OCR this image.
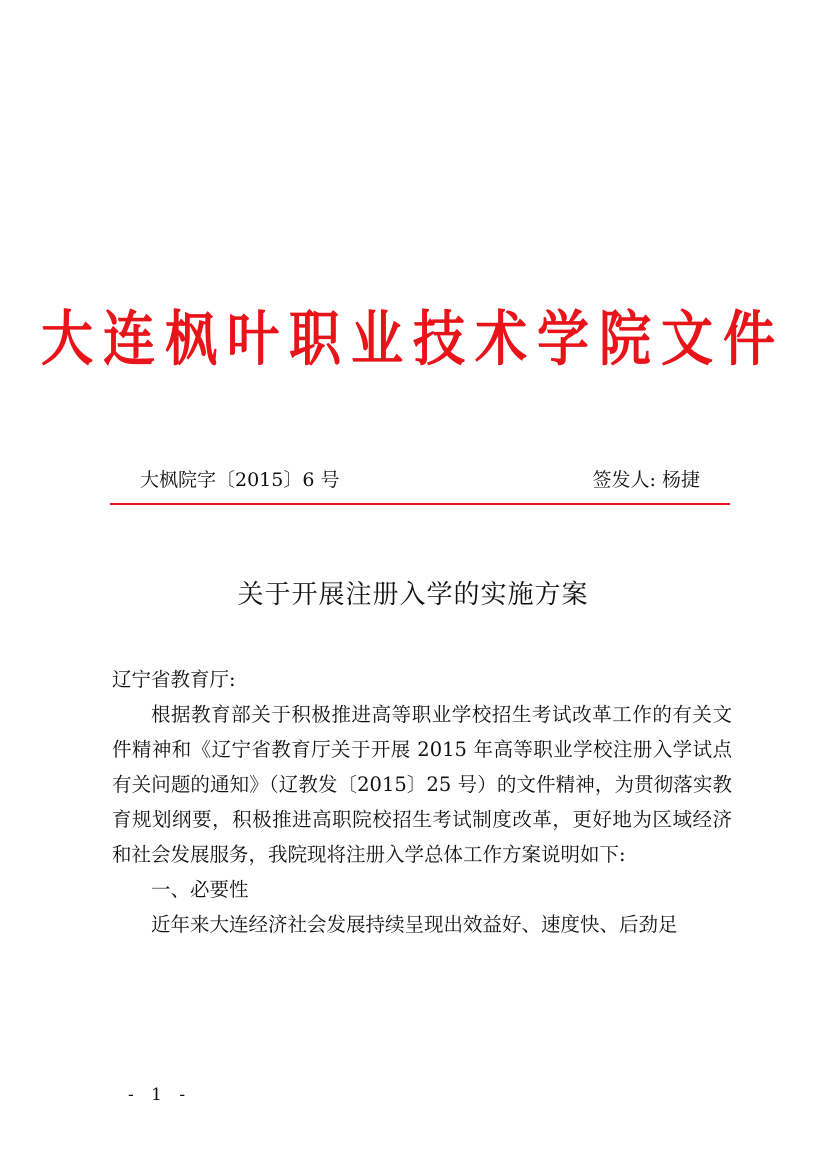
大连枫叶职业技术学院文件
大枫院字〔2015〕6 号	签发人: 杨捷
关于开展注册入学的实施方案

辽宁省教育厅:

根据教育部关于积极推进高等职业学校招生考试改革工作的有关文件精神和《辽宁省教育厅关于开展 2015 年高等职业学校注册入学试点有关问题的通知》（辽教发〔2015〕25 号）的文件精神，为贯彻落实教育规划纲要，积极推进高职院校招生考试制度改革，更好地为区域经济和社会发展服务，我院现将注册入学总体工作方案说明如下:

一、必要性

近年来大连经济社会发展持续呈现出效益好、速度快、后劲足

- 1 -
